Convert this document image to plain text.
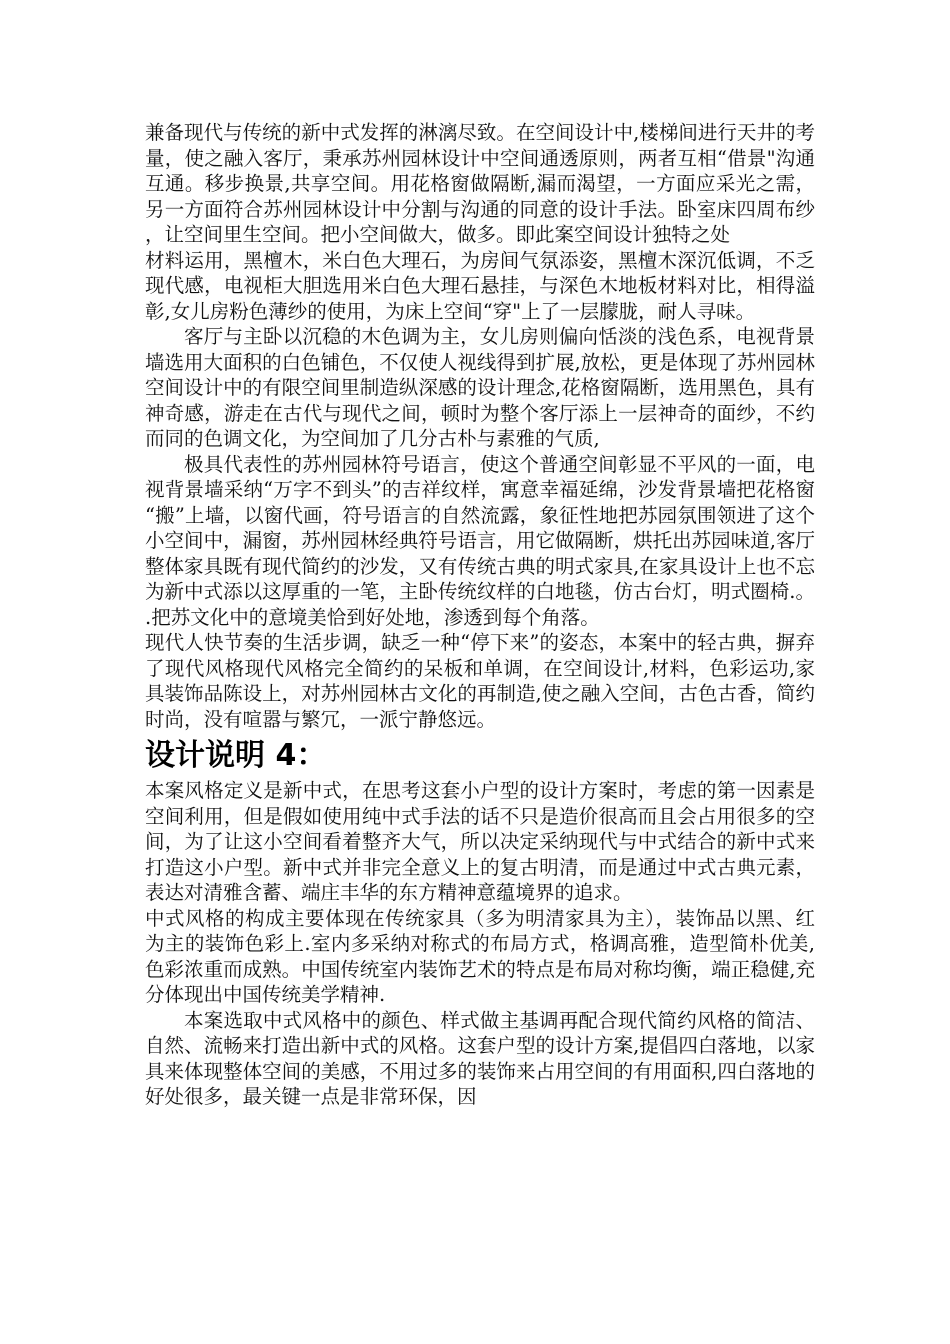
兼备现代与传统的新中式发挥的淋漓尽致。在空间设计中,楼梯间进行天井的考量，使之融入客厅，秉承苏州园林设计中空间通透原则，两者互相“借景"沟通互通。移步换景,共享空间。用花格窗做隔断,漏而渴望，一方面应采光之需，另一方面符合苏州园林设计中分割与沟通的同意的设计手法。卧室床四周布纱，让空间里生空间。把小空间做大，做多。即此案空间设计独特之处

材料运用，黑檀木，米白色大理石，为房间气氛添姿，黑檀木深沉低调，不乏现代感，电视柜大胆选用米白色大理石悬挂，与深色木地板材料对比，相得溢彰,女儿房粉色薄纱的使用，为床上空间“穿"上了一层朦胧，耐人寻味。

客厅与主卧以沉稳的木色调为主，女儿房则偏向恬淡的浅色系，电视背景墙选用大面积的白色铺色，不仅使人视线得到扩展,放松，更是体现了苏州园林空间设计中的有限空间里制造纵深感的设计理念,花格窗隔断，选用黑色，具有神奇感，游走在古代与现代之间，顿时为整个客厅添上一层神奇的面纱，不约而同的色调文化，为空间加了几分古朴与素雅的气质,

极具代表性的苏州园林符号语言，使这个普通空间彰显不平风的一面，电视背景墙采纳“万字不到头”的吉祥纹样，寓意幸福延绵，沙发背景墙把花格窗“搬”上墙，以窗代画，符号语言的自然流露，象征性地把苏园氛围领进了这个小空间中，漏窗，苏州园林经典符号语言，用它做隔断，烘托出苏园味道,客厅整体家具既有现代简约的沙发，又有传统古典的明式家具,在家具设计上也不忘为新中式添以这厚重的一笔，主卧传统纹样的白地毯，仿古台灯，明式圈椅.。.把苏文化中的意境美恰到好处地，渗透到每个角落。

现代人快节奏的生活步调，缺乏一种“停下来”的姿态，本案中的轻古典，摒弃了现代风格现代风格完全简约的呆板和单调，在空间设计,材料，色彩运功,家具装饰品陈设上，对苏州园林古文化的再制造,使之融入空间，古色古香，简约时尚，没有喧嚣与繁冗，一派宁静悠远。

设计说明 4：

本案风格定义是新中式，在思考这套小户型的设计方案时，考虑的第一因素是空间利用，但是假如使用纯中式手法的话不只是造价很高而且会占用很多的空间，为了让这小空间看着整齐大气，所以决定采纳现代与中式结合的新中式来打造这小户型。新中式并非完全意义上的复古明清，而是通过中式古典元素，表达对清雅含蓄、端庄丰华的东方精神意蕴境界的追求。

中式风格的构成主要体现在传统家具（多为明清家具为主），装饰品以黑、红为主的装饰色彩上.室内多采纳对称式的布局方式，格调高雅，造型简朴优美,色彩浓重而成熟。中国传统室内装饰艺术的特点是布局对称均衡，端正稳健,充分体现出中国传统美学精神.

本案选取中式风格中的颜色、样式做主基调再配合现代简约风格的简洁、自然、流畅来打造出新中式的风格。这套户型的设计方案,提倡四白落地，以家具来体现整体空间的美感，不用过多的装饰来占用空间的有用面积,四白落地的好处很多，最关键一点是非常环保，因
